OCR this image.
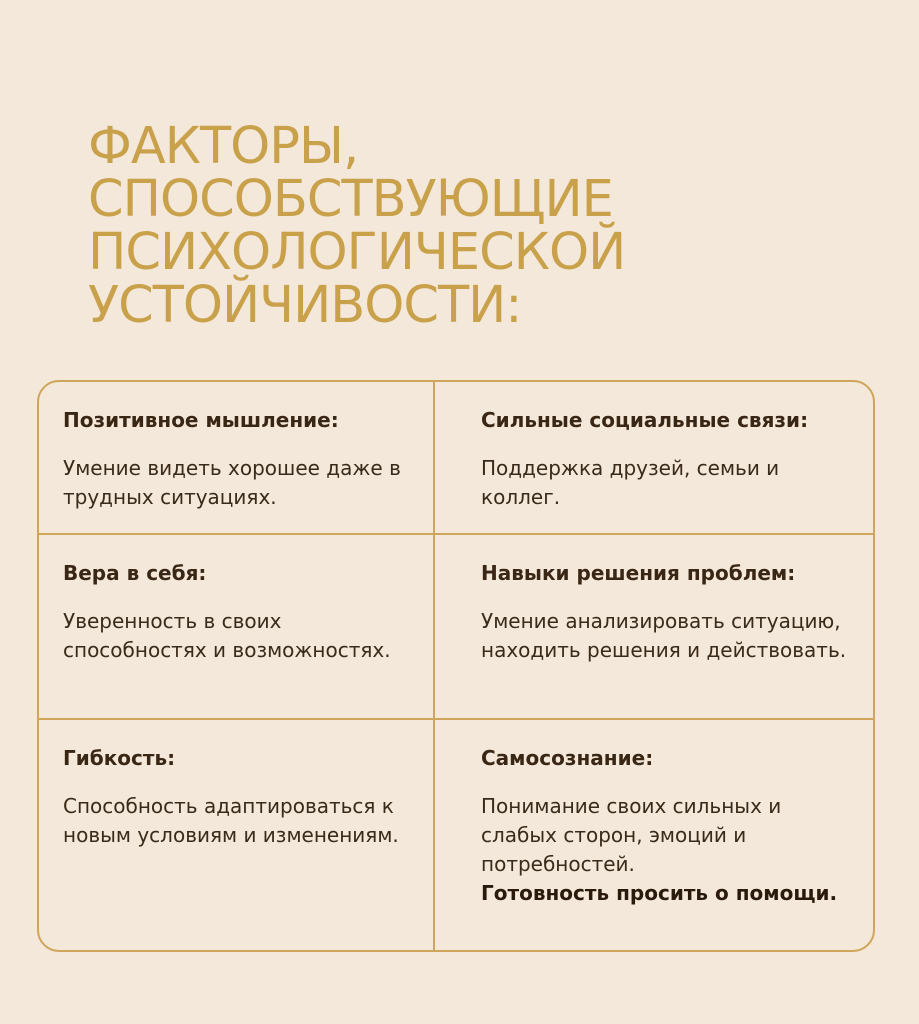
ФАКТОРЫ,
СПОСОБСТВУЮЩИЕ
ПСИХОЛОГИЧЕСКОЙ
УСТОЙЧИВОСТИ:
Позитивное мышление:

Умение видеть хорошее даже в трудных ситуациях.

Сильные социальные связи:

Поддержка друзей, семьи и коллег.

Вера в себя:

Уверенность в своих способностях и возможностях.

Навыки решения проблем:

Умение анализировать ситуацию, находить решения и действовать.

Гибкость:

Способность адаптироваться к новым условиям и изменениям.

Самосознание:

Понимание своих сильных и слабых сторон, эмоций и потребностей.

Готовность просить о помощи.
